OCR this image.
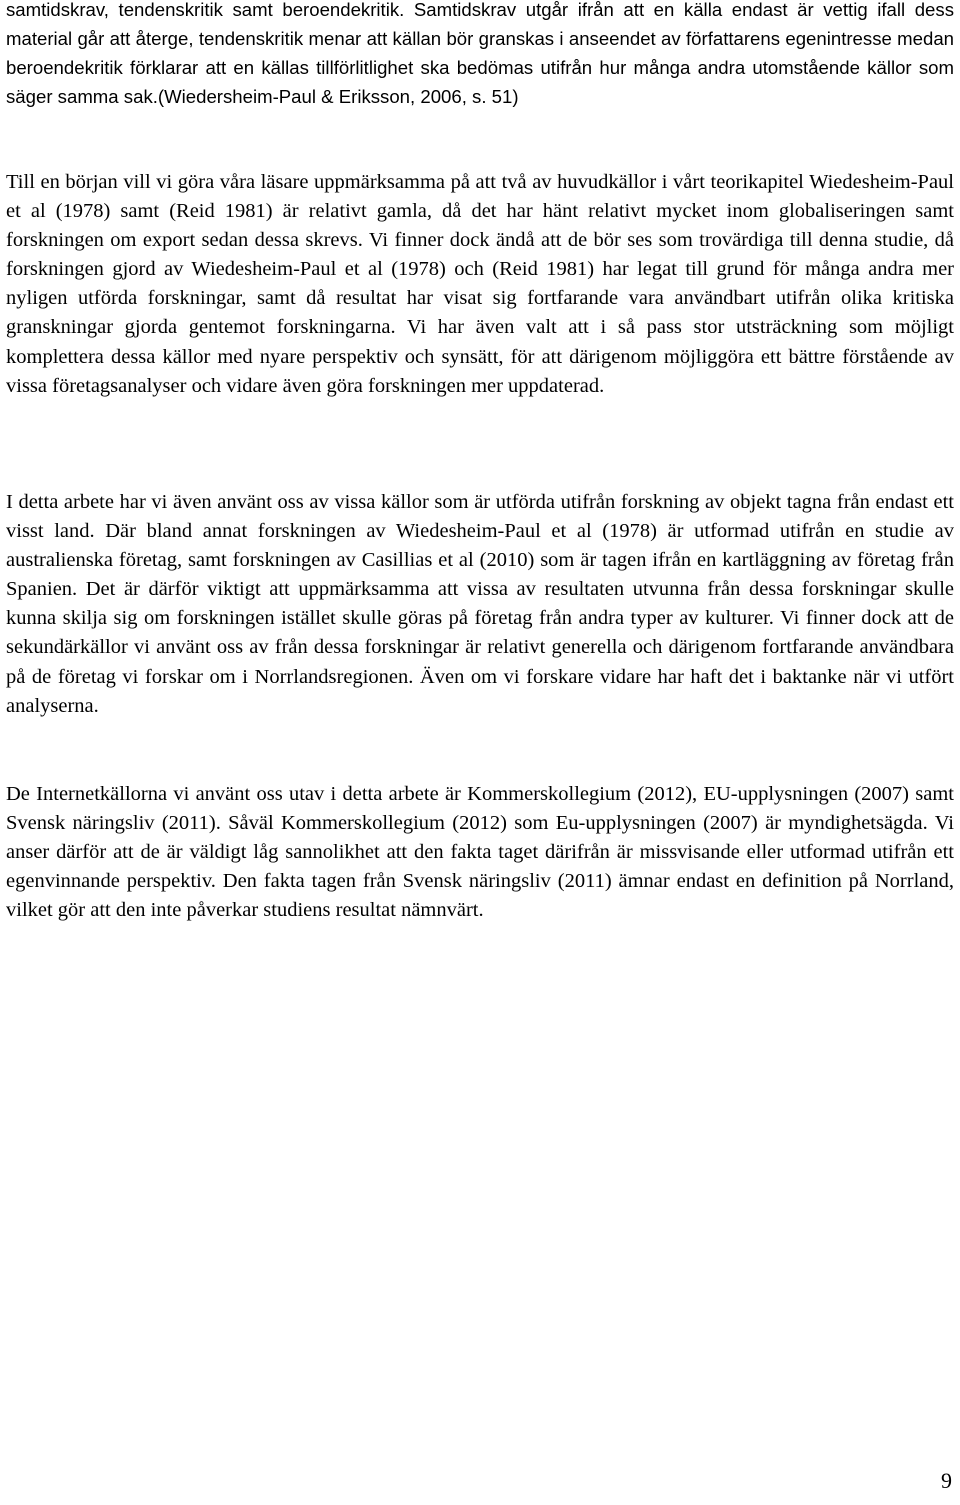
samtidskrav, tendenskritik samt beroendekritik. Samtidskrav utgår ifrån att en källa endast är vettig ifall dess material går att återge, tendenskritik menar att källan bör granskas i anseendet av författarens egenintresse medan beroendekritik förklarar att en källas tillförlitlighet ska bedömas utifrån hur många andra utomstående källor som säger samma sak.(Wiedersheim-Paul & Eriksson, 2006, s. 51)

Till en början vill vi göra våra läsare uppmärksamma på att två av huvudkällor i vårt teorikapitel Wiedesheim-Paul et al (1978) samt (Reid 1981) är relativt gamla, då det har hänt relativt mycket inom globaliseringen samt forskningen om export sedan dessa skrevs. Vi finner dock ändå att de bör ses som trovärdiga till denna studie, då forskningen gjord av Wiedesheim-Paul et al (1978) och (Reid 1981) har legat till grund för många andra mer nyligen utförda forskningar, samt då resultat har visat sig fortfarande vara användbart utifrån olika kritiska granskningar gjorda gentemot forskningarna. Vi har även valt att i så pass stor utsträckning som möjligt komplettera dessa källor med nyare perspektiv och synsätt, för att därigenom möjliggöra ett bättre förstående av vissa företagsanalyser och vidare även göra forskningen mer uppdaterad.

I detta arbete har vi även använt oss av vissa källor som är utförda utifrån forskning av objekt tagna från endast ett visst land. Där bland annat forskningen av Wiedesheim-Paul et al (1978) är utformad utifrån en studie av australienska företag, samt forskningen av Casillias et al (2010) som är tagen ifrån en kartläggning av företag från Spanien. Det är därför viktigt att uppmärksamma att vissa av resultaten utvunna från dessa forskningar skulle kunna skilja sig om forskningen istället skulle göras på företag från andra typer av kulturer. Vi finner dock att de sekundärkällor vi använt oss av från dessa forskningar är relativt generella och därigenom fortfarande användbara på de företag vi forskar om i Norrlandsregionen. Även om vi forskare vidare har haft det i baktanke när vi utfört analyserna.

De Internetkällorna vi använt oss utav i detta arbete är Kommerskollegium (2012), EU-upplysningen (2007) samt Svensk näringsliv (2011). Såväl Kommerskollegium (2012) som Eu-upplysningen (2007) är myndighetsägda. Vi anser därför att de är väldigt låg sannolikhet att den fakta taget därifrån är missvisande eller utformad utifrån ett egenvinnande perspektiv. Den fakta tagen från Svensk näringsliv (2011) ämnar endast en definition på Norrland, vilket gör att den inte påverkar studiens resultat nämnvärt.

9
